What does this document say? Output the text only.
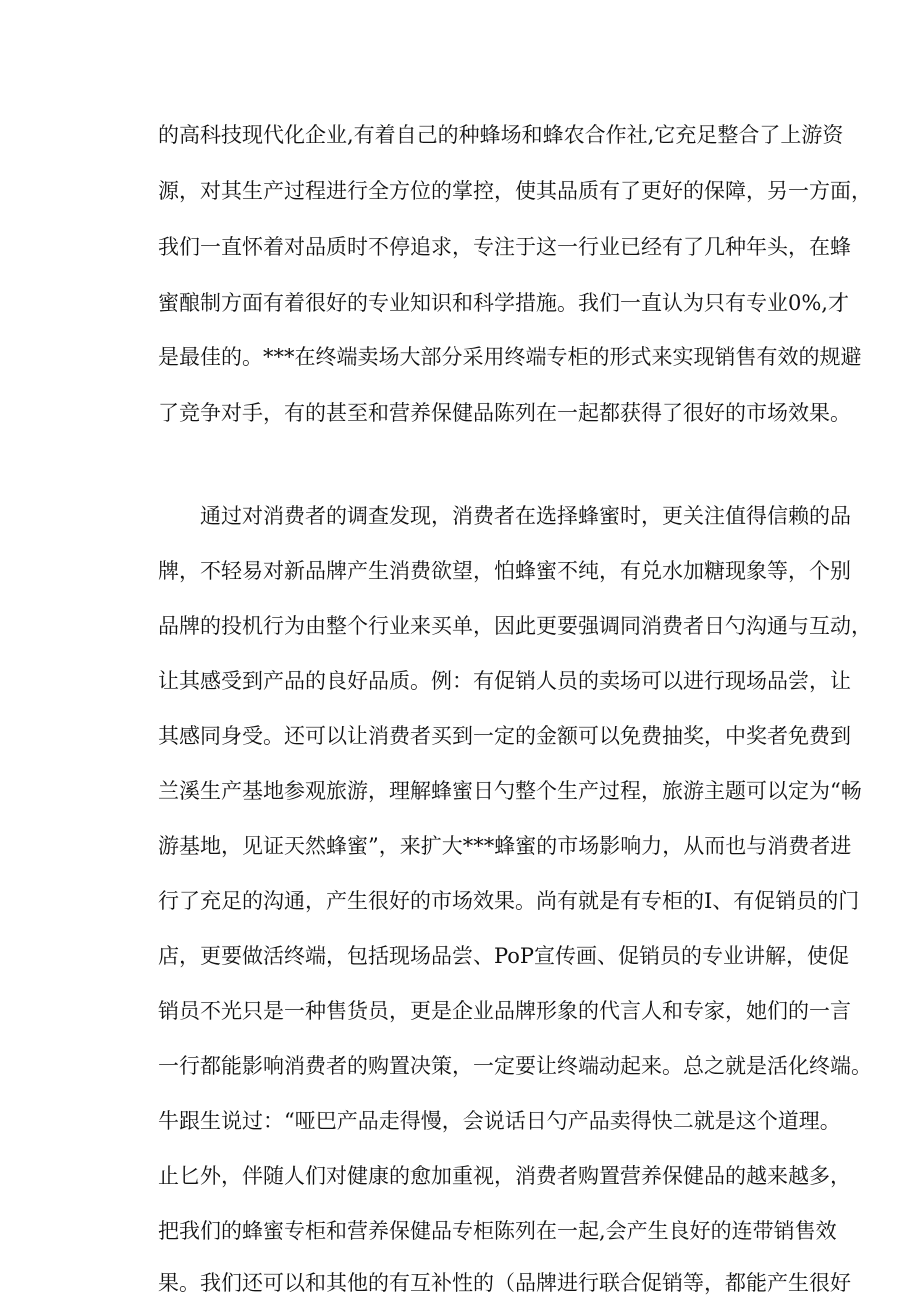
的高科技现代化企业,有着自己的种蜂场和蜂农合作社,它充足整合了上游资
源，对其生产过程进行全方位的掌控，使其品质有了更好的保障，另一方面，
我们一直怀着对品质时不停追求，专注于这一行业已经有了几种年头，在蜂
蜜酿制方面有着很好的专业知识和科学措施。我们一直认为只有专业0%,才
是最佳的。***在终端卖场大部分采用终端专柜的形式来实现销售有效的规避
了竞争对手，有的甚至和营养保健品陈列在一起都获得了很好的市场效果。
通过对消费者的调查发现，消费者在选择蜂蜜时，更关注值得信赖的品
牌，不轻易对新品牌产生消费欲望，怕蜂蜜不纯，有兑水加糖现象等，个别
品牌的投机行为由整个行业来买单，因此更要强调同消费者日勺沟通与互动，
让其感受到产品的良好品质。例：有促销人员的卖场可以进行现场品尝，让
其感同身受。还可以让消费者买到一定的金额可以免费抽奖，中奖者免费到
兰溪生产基地参观旅游，理解蜂蜜日勺整个生产过程，旅游主题可以定为“畅
游基地，见证天然蜂蜜”，来扩大***蜂蜜的市场影响力，从而也与消费者进
行了充足的沟通，产生很好的市场效果。尚有就是有专柜的I、有促销员的门
店，更要做活终端，包括现场品尝、PoP宣传画、促销员的专业讲解，使促
销员不光只是一种售货员，更是企业品牌形象的代言人和专家，她们的一言
一行都能影响消费者的购置决策，一定要让终端动起来。总之就是活化终端。
牛跟生说过：“哑巴产品走得慢，会说话日勺产品卖得快二就是这个道理。
止匕外，伴随人们对健康的愈加重视，消费者购置营养保健品的越来越多，
把我们的蜂蜜专柜和营养保健品专柜陈列在一起,会产生良好的连带销售效
果。我们还可以和其他的有互补性的（品牌进行联合促销等，都能产生很好
